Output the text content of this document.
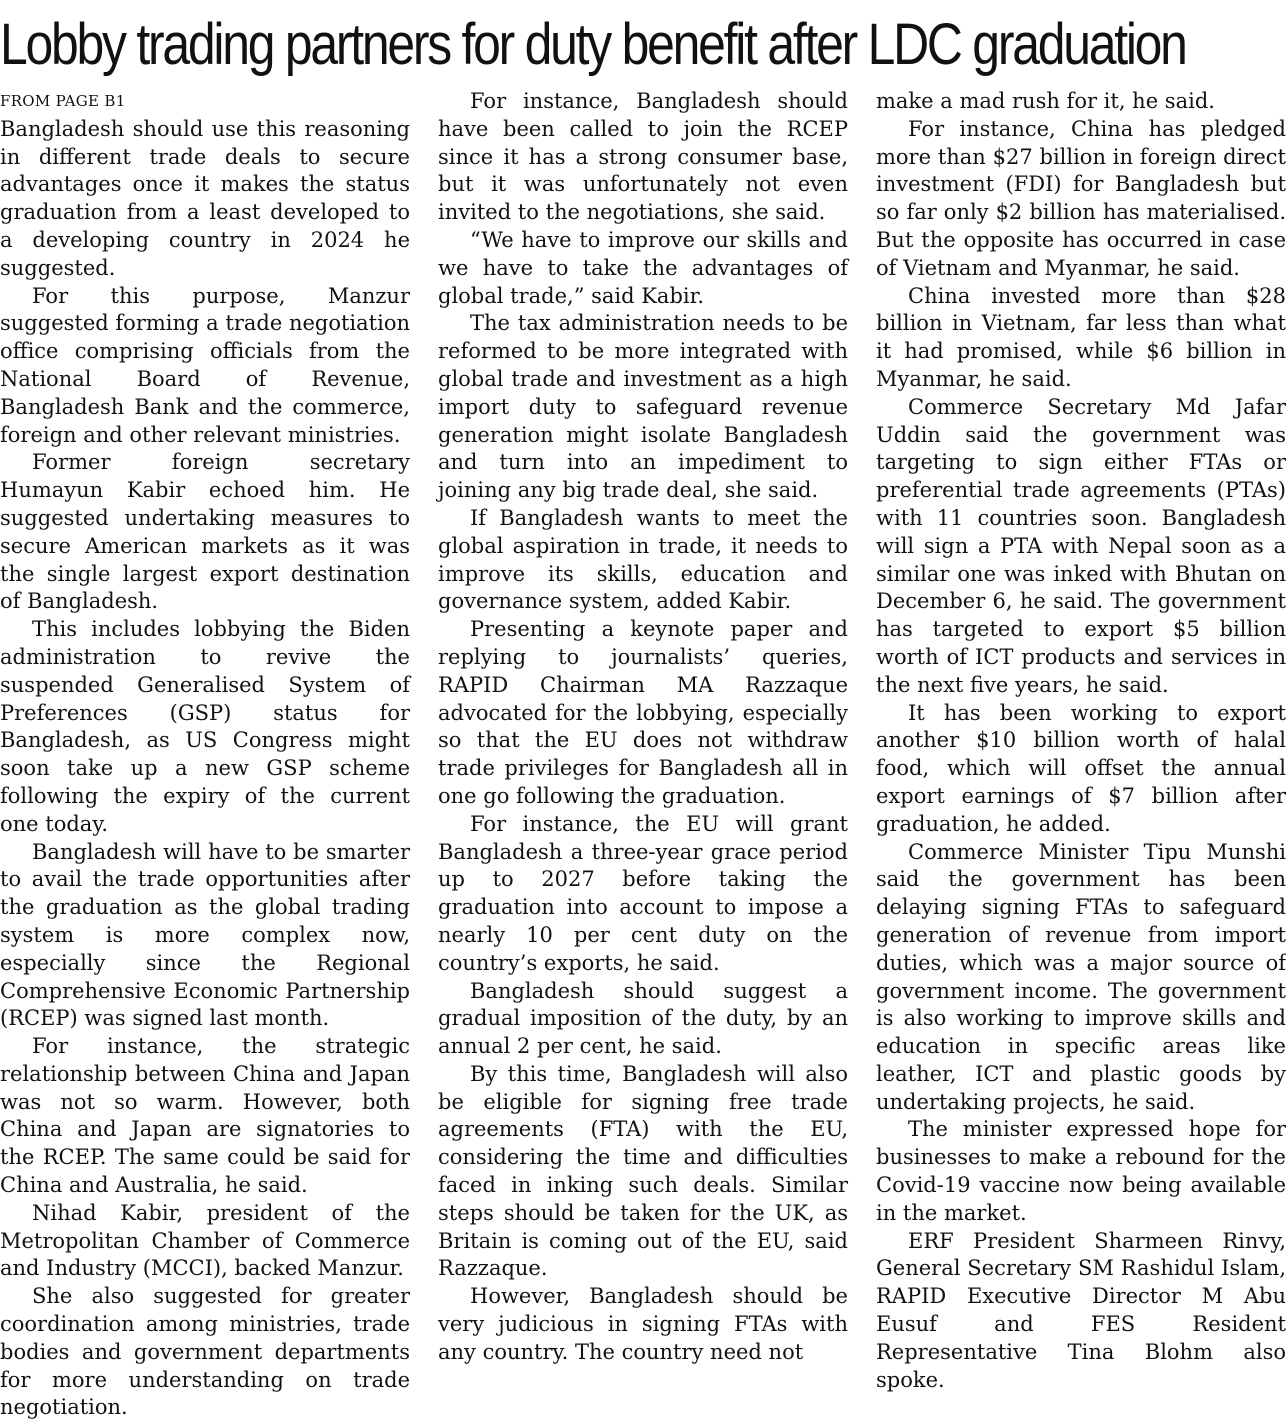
Lobby trading partners for duty benefit after LDC graduation

FROM PAGE B1

Bangladesh should use this reasoning in different trade deals to secure advantages once it makes the status graduation from a least developed to a developing country in 2024 he suggested.

For this purpose, Manzur suggested forming a trade negotiation office comprising officials from the National Board of Revenue, Bangladesh Bank and the commerce, foreign and other relevant ministries.

Former foreign secretary Humayun Kabir echoed him. He suggested undertaking measures to secure American markets as it was the single largest export destination of Bangladesh.

This includes lobbying the Biden administration to revive the suspended Generalised System of Preferences (GSP) status for Bangladesh, as US Congress might soon take up a new GSP scheme following the expiry of the current one today.

Bangladesh will have to be smarter to avail the trade opportunities after the graduation as the global trading system is more complex now, especially since the Regional Comprehensive Economic Partnership (RCEP) was signed last month.

For instance, the strategic relationship between China and Japan was not so warm. However, both China and Japan are signatories to the RCEP. The same could be said for China and Australia, he said.

Nihad Kabir, president of the Metropolitan Chamber of Commerce and Industry (MCCI), backed Manzur.

She also suggested for greater coordination among ministries, trade bodies and government departments for more understanding on trade negotiation.

For instance, Bangladesh should have been called to join the RCEP since it has a strong consumer base, but it was unfortunately not even invited to the negotiations, she said.

“We have to improve our skills and we have to take the advantages of global trade,” said Kabir.

The tax administration needs to be reformed to be more integrated with global trade and investment as a high import duty to safeguard revenue generation might isolate Bangladesh and turn into an impediment to joining any big trade deal, she said.

If Bangladesh wants to meet the global aspiration in trade, it needs to improve its skills, education and governance system, added Kabir.

Presenting a keynote paper and replying to journalists’ queries, RAPID Chairman MA Razzaque advocated for the lobbying, especially so that the EU does not withdraw trade privileges for Bangladesh all in one go following the graduation.

For instance, the EU will grant Bangladesh a three-year grace period up to 2027 before taking the graduation into account to impose a nearly 10 per cent duty on the country’s exports, he said.

Bangladesh should suggest a gradual imposition of the duty, by an annual 2 per cent, he said.

By this time, Bangladesh will also be eligible for signing free trade agreements (FTA) with the EU, considering the time and difficulties faced in inking such deals. Similar steps should be taken for the UK, as Britain is coming out of the EU, said Razzaque.

However, Bangladesh should be very judicious in signing FTAs with any country. The country need not

make a mad rush for it, he said.

For instance, China has pledged more than $27 billion in foreign direct investment (FDI) for Bangladesh but so far only $2 billion has materialised. But the opposite has occurred in case of Vietnam and Myanmar, he said.

China invested more than $28 billion in Vietnam, far less than what it had promised, while $6 billion in Myanmar, he said.

Commerce Secretary Md Jafar Uddin said the government was targeting to sign either FTAs or preferential trade agreements (PTAs) with 11 countries soon. Bangladesh will sign a PTA with Nepal soon as a similar one was inked with Bhutan on December 6, he said. The government has targeted to export $5 billion worth of ICT products and services in the next five years, he said.

It has been working to export another $10 billion worth of halal food, which will offset the annual export earnings of $7 billion after graduation, he added.

Commerce Minister Tipu Munshi said the government has been delaying signing FTAs to safeguard generation of revenue from import duties, which was a major source of government income. The government is also working to improve skills and education in specific areas like leather, ICT and plastic goods by undertaking projects, he said.

The minister expressed hope for businesses to make a rebound for the Covid-19 vaccine now being available in the market.

ERF President Sharmeen Rinvy, General Secretary SM Rashidul Islam, RAPID Executive Director M Abu Eusuf and FES Resident Representative Tina Blohm also spoke.
